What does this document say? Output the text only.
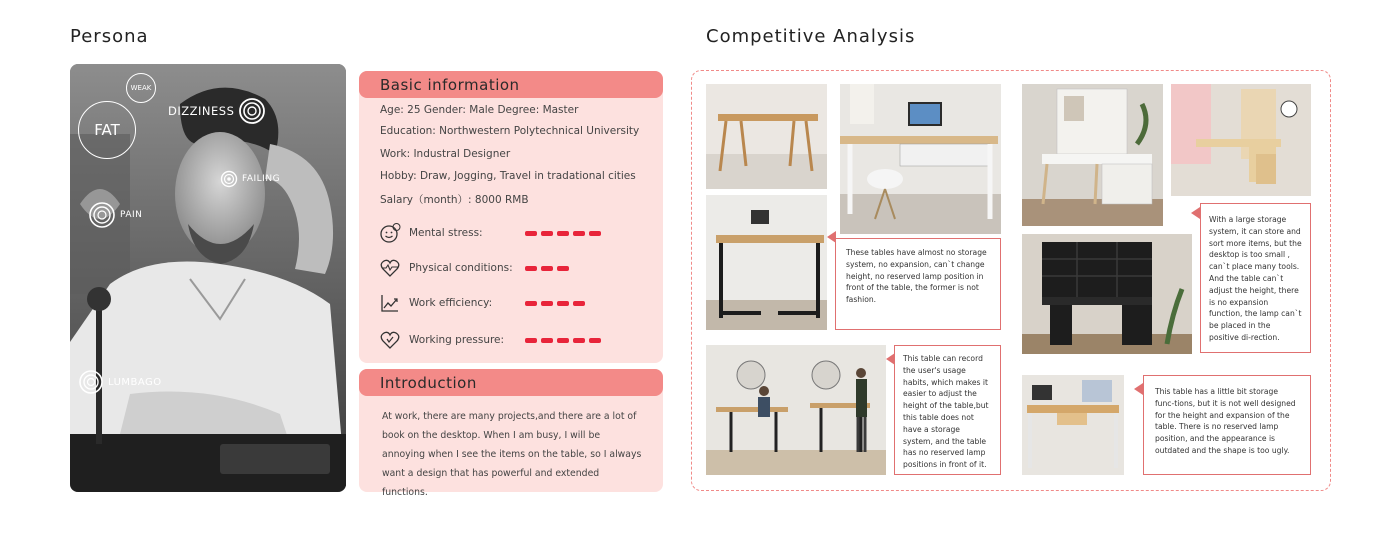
Persona	Competitive Analysis
FAT
WEAK
DIZZINESS
FAILING
PAIN
LUMBAGO
Basic information
Age: 25 Gender: Male Degree: Master
Education: Northwestern Polytechnical University
Work: Industral Designer
Hobby: Draw, Jogging, Travel in tradational cities
Salary（month）: 8000 RMB
Mental stress:
Physical conditions:
Work efficiency:
Working pressure:
Introduction
At work, there are many projects,and there are a lot of book on the desktop. When I am busy, I will be annoying when I see the items on the table, so I always want a design that has powerful and extended functions.
These tables have almost no storage system, no expansion, can`t change height, no reserved lamp position in front of the table, the former is not fashion.
This table can record the user's usage habits, which makes it easier to adjust the height of the table,but this table does not have a storage system, and the table has no reserved lamp positions in front of it.
With a large storage system, it can store and sort more items, but the desktop is too small , can`t place many tools. And the table can`t adjust the height, there is no expansion function, the lamp can`t be placed in the positive di-rection.
This table has a little bit storage func-tions, but it is not well designed for the height and expansion of the table. There is no reserved lamp position, and the appearance is outdated and the shape is too ugly.
